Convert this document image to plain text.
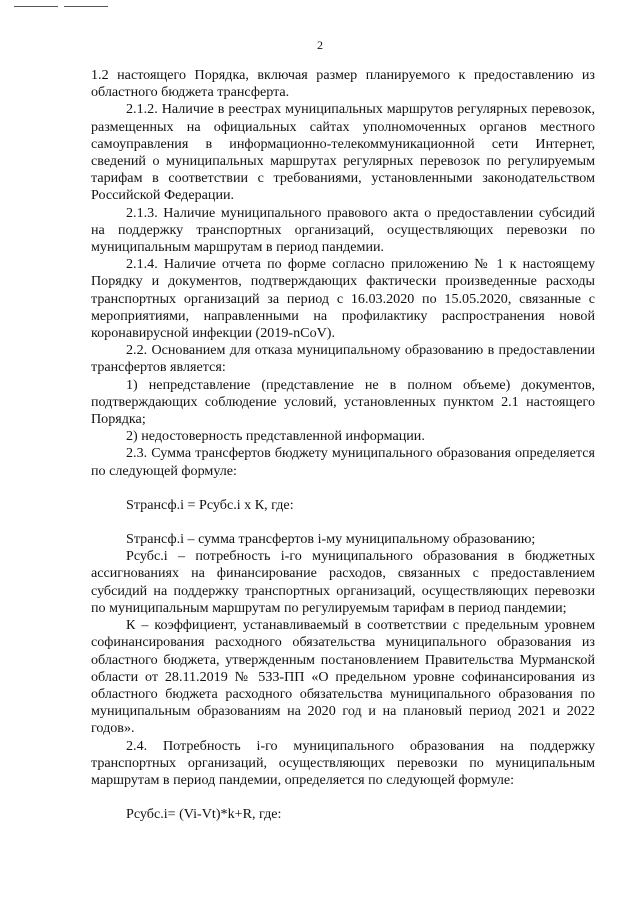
2

1.2 настоящего Порядка, включая размер планируемого к предоставлению из областного бюджета трансферта.

2.1.2. Наличие в реестрах муниципальных маршрутов регулярных перевозок, размещенных на официальных сайтах уполномоченных органов местного самоуправления в информационно-телекоммуникационной сети Интернет, сведений о муниципальных маршрутах регулярных перевозок по регулируемым тарифам в соответствии с требованиями, установленными законодательством Российской Федерации.

2.1.3. Наличие муниципального правового акта о предоставлении субсидий на поддержку транспортных организаций, осуществляющих перевозки по муниципальным маршрутам в период пандемии.

2.1.4. Наличие отчета по форме согласно приложению № 1 к настоящему Порядку и документов, подтверждающих фактически произведенные расходы транспортных организаций за период с 16.03.2020 по 15.05.2020, связанные с мероприятиями, направленными на профилактику распространения новой коронавирусной инфекции (2019-nCoV).

2.2. Основанием для отказа муниципальному образованию в предоставлении трансфертов является:

1) непредставление (представление не в полном объеме) документов, подтверждающих соблюдение условий, установленных пунктом 2.1 настоящего Порядка;

2) недостоверность представленной информации.

2.3. Сумма трансфертов бюджету муниципального образования определяется по следующей формуле:

Sтрансф.i = Pсубс.i х К, где:

Sтрансф.i – сумма трансфертов i-му муниципальному образованию;

Pсубс.i – потребность i-го муниципального образования в бюджетных ассигнованиях на финансирование расходов, связанных с предоставлением субсидий на поддержку транспортных организаций, осуществляющих перевозки по муниципальным маршрутам по регулируемым тарифам в период пандемии;

К – коэффициент, устанавливаемый в соответствии с предельным уровнем софинансирования расходного обязательства муниципального образования из областного бюджета, утвержденным постановлением Правительства Мурманской области от 28.11.2019 № 533-ПП «О предельном уровне софинансирования из областного бюджета расходного обязательства муниципального образования по муниципальным образованиям на 2020 год и на плановый период 2021 и 2022 годов».

2.4. Потребность i-го муниципального образования на поддержку транспортных организаций, осуществляющих перевозки по муниципальным маршрутам в период пандемии, определяется по следующей формуле:

Pсубс.i= (Vi-Vt)*k+R, где:
